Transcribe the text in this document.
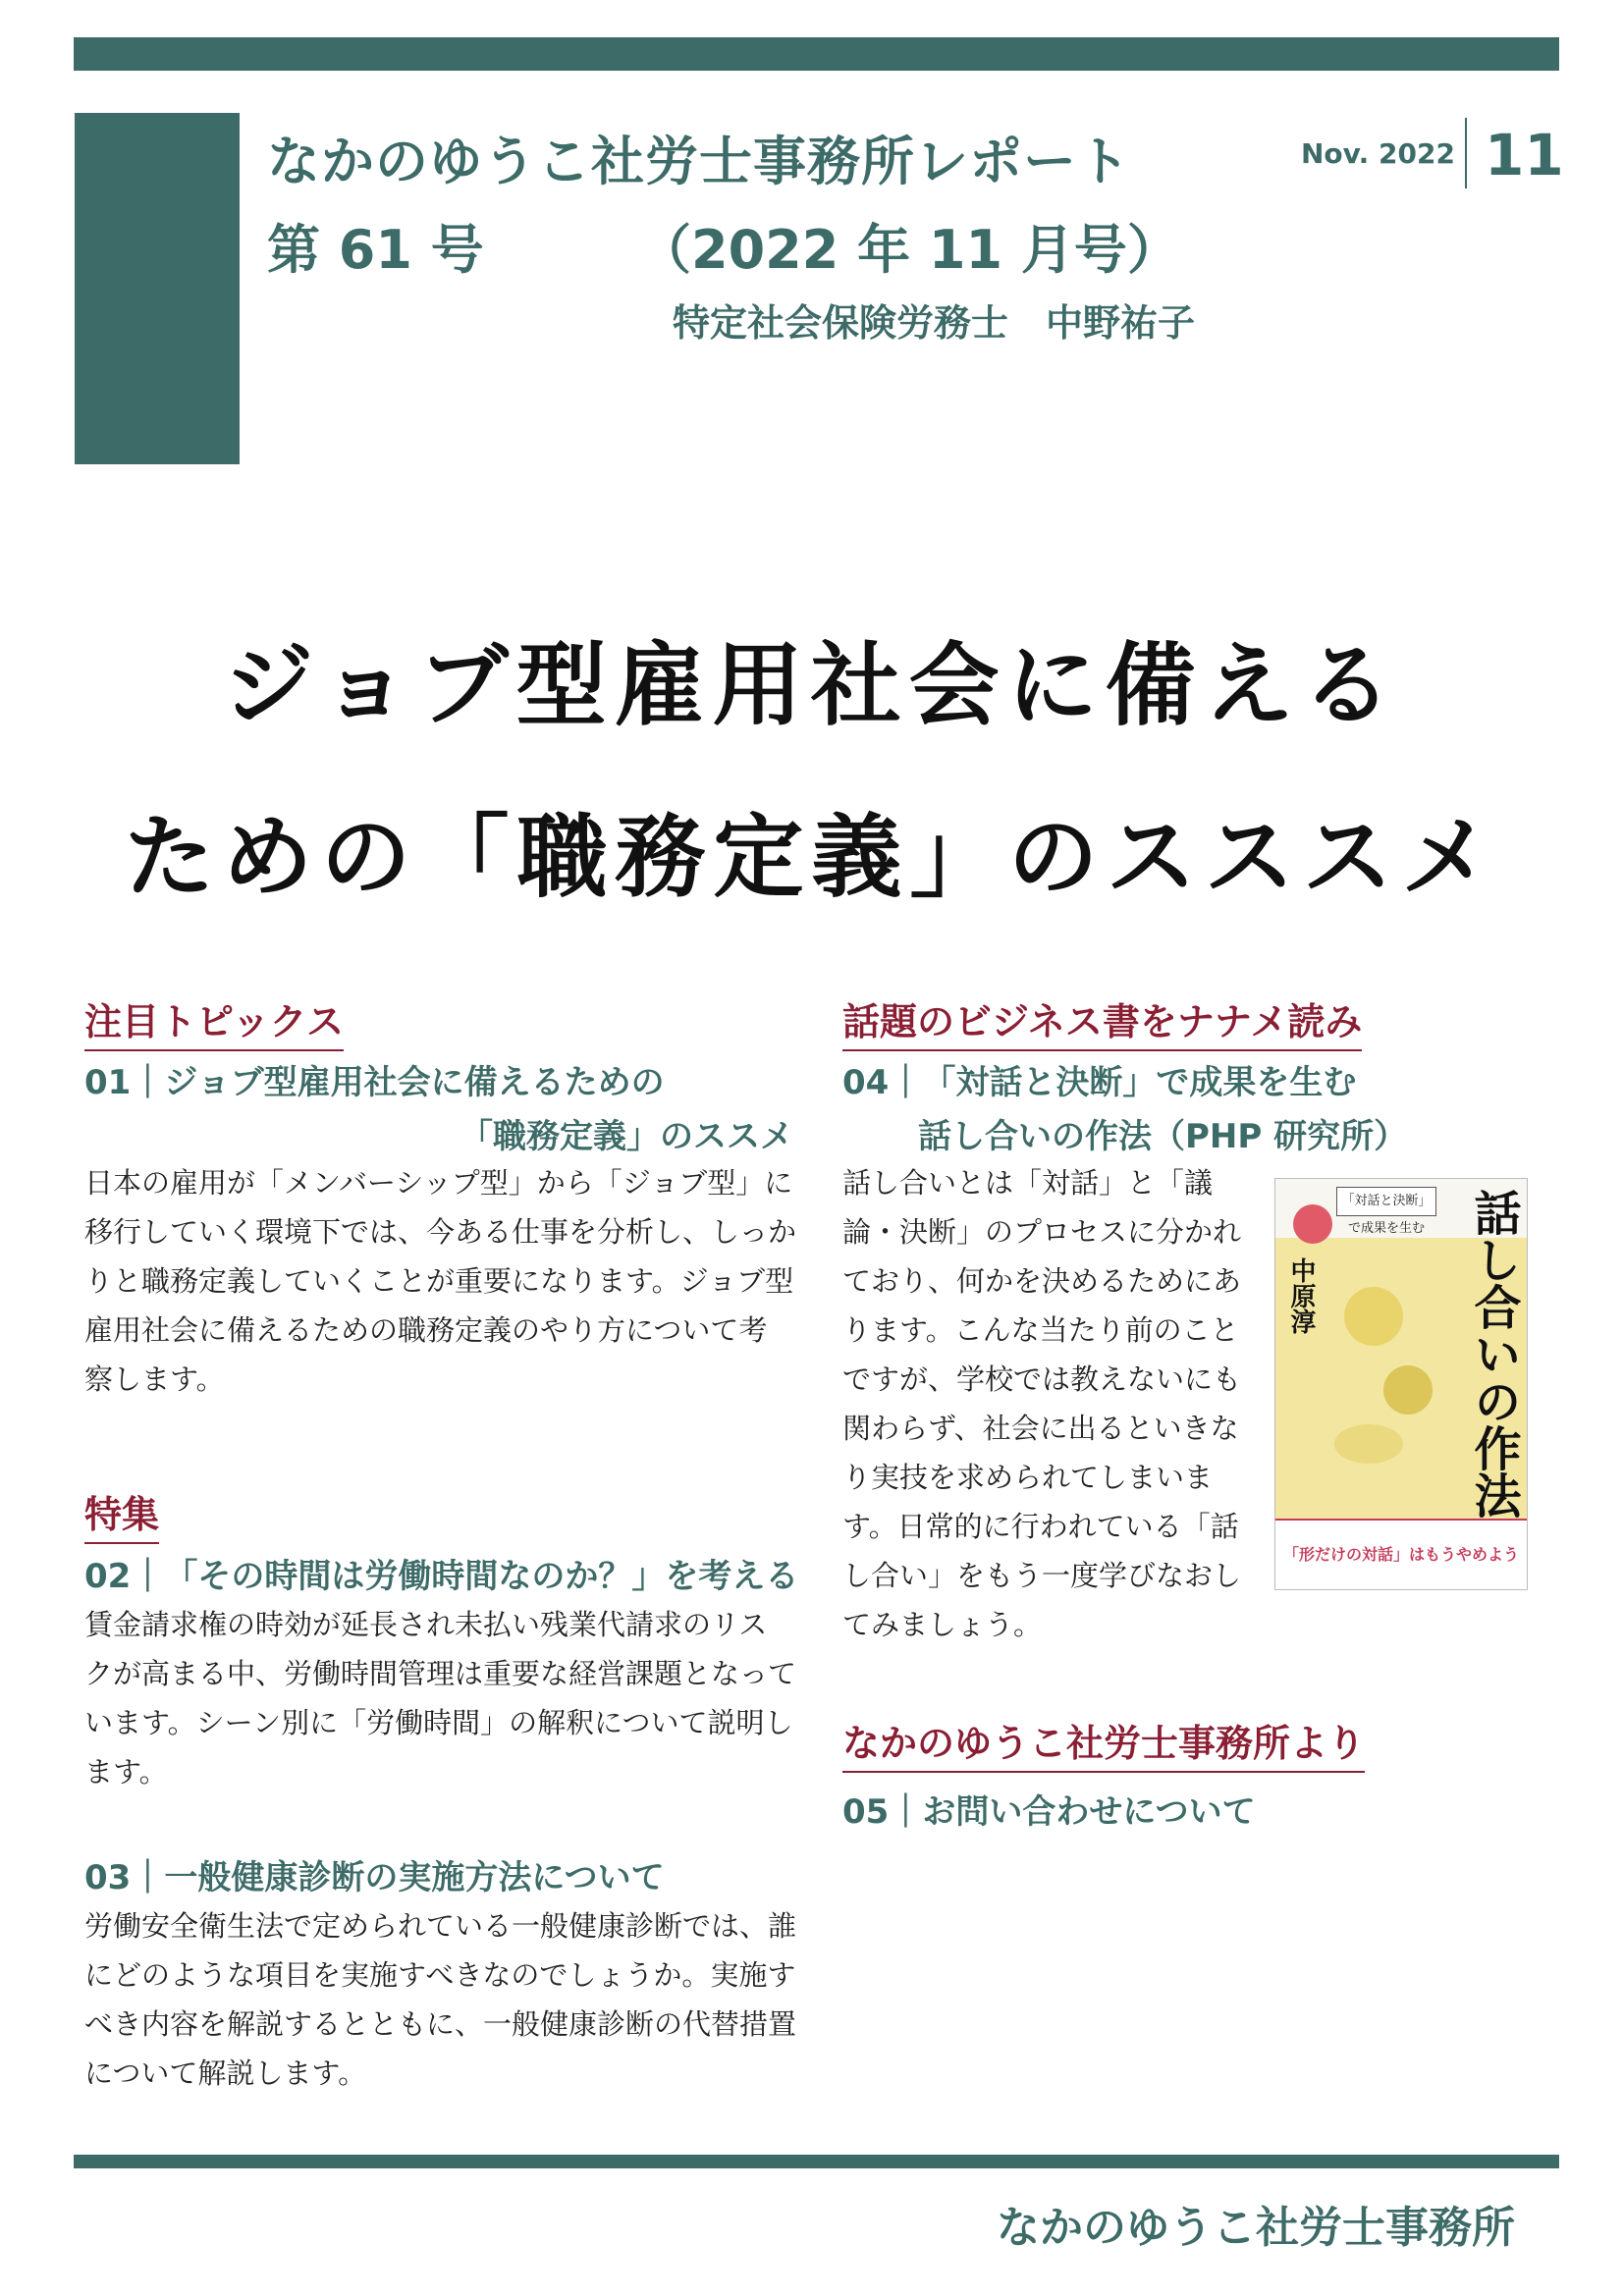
なかのゆうこ社労士事務所レポート
第 61 号	（2022 年 11 月号）
特定社会保険労務士　中野祐子
Nov. 2022 11
ジョブ型雇用社会に備える
ための「職務定義」のスススメ
注目トピックス
01｜ジョブ型雇用社会に備えるための
「職務定義」のススメ
日本の雇用が「メンバーシップ型」から「ジョブ型」に
移行していく環境下では、今ある仕事を分析し、しっか
りと職務定義していくことが重要になります。ジョブ型
雇用社会に備えるための職務定義のやり方について考
察します。
特集
02｜「その時間は労働時間なのか？」を考える
賃金請求権の時効が延長され未払い残業代請求のリス
クが高まる中、労働時間管理は重要な経営課題となって
います。シーン別に「労働時間」の解釈について説明し
ます。
03｜一般健康診断の実施方法について
労働安全衛生法で定められている一般健康診断では、誰
にどのような項目を実施すべきなのでしょうか。実施す
べき内容を解説するとともに、一般健康診断の代替措置
について解説します。
話題のビジネス書をナナメ読み
04｜「対話と決断」で成果を生む
話し合いの作法（PHP 研究所）
話し合いとは「対話」と「議
論・決断」のプロセスに分かれ
ており、何かを決めるためにあ
ります。こんな当たり前のこと
ですが、学校では教えないにも
関わらず、社会に出るといきな
り実技を求められてしまいま
す。日常的に行われている「話
し合い」をもう一度学びなおし
てみましょう。
「対話と決断」で成果を生む
中原淳	話し合いの作法
「形だけの対話」はもうやめよう
なかのゆうこ社労士事務所より
05｜お問い合わせについて
なかのゆうこ社労士事務所
